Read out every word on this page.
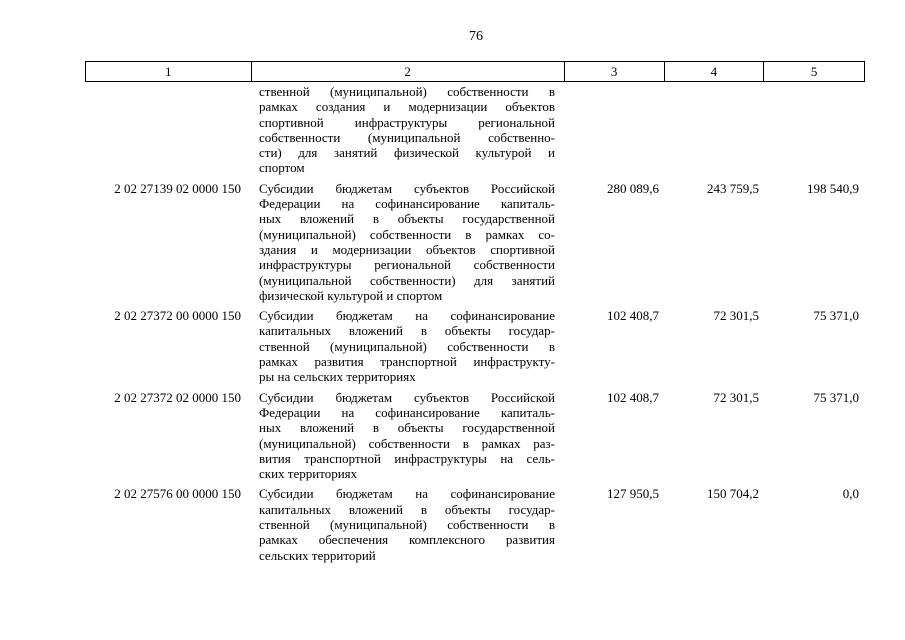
76
1	2	3	4	5
ственной (муниципальной) собственности в
рамках создания и модернизации объектов
спортивной инфраструктуры региональной
собственности (муниципальной собственно-
сти) для занятий физической культурой и
спортом
2 02 27139 02 0000 150	Субсидии бюджетам субъектов Российской
Федерации на софинансирование капиталь-
ных вложений в объекты государственной
(муниципальной) собственности в рамках со-
здания и модернизации объектов спортивной
инфраструктуры региональной собственности
(муниципальной собственности) для занятий
физической культурой и спортом
280 089,6	243 759,5	198 540,9
2 02 27372 00 0000 150	Субсидии бюджетам на софинансирование
капитальных вложений в объекты государ-
ственной (муниципальной) собственности в
рамках развития транспортной инфраструкту-
ры на сельских территориях
102 408,7	72 301,5	75 371,0
2 02 27372 02 0000 150	Субсидии бюджетам субъектов Российской
Федерации на софинансирование капиталь-
ных вложений в объекты государственной
(муниципальной) собственности в рамках раз-
вития транспортной инфраструктуры на сель-
ских территориях
102 408,7	72 301,5	75 371,0
2 02 27576 00 0000 150	Субсидии бюджетам на софинансирование
капитальных вложений в объекты государ-
ственной (муниципальной) собственности в
рамках обеспечения комплексного развития
сельских территорий
127 950,5	150 704,2	0,0
